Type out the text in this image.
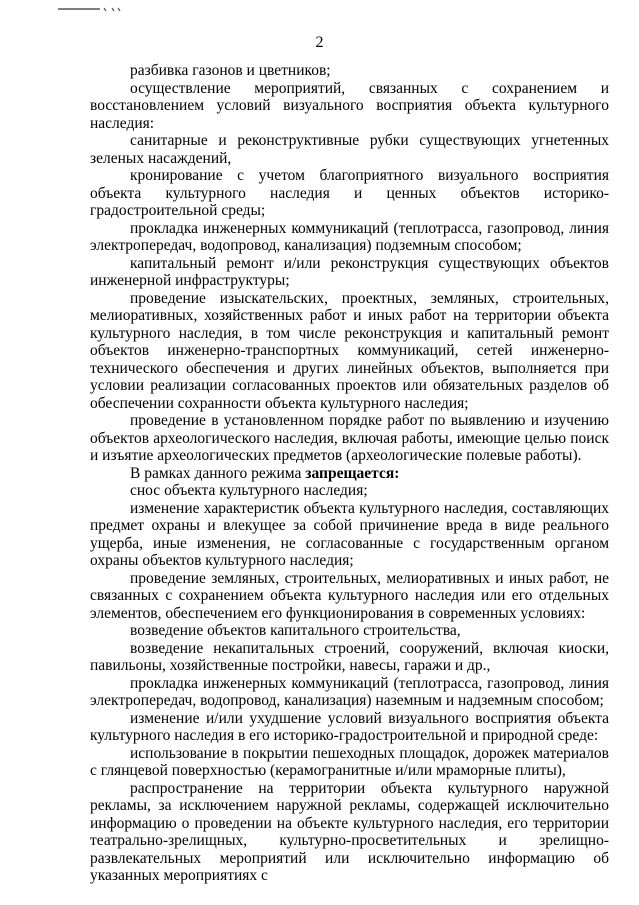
2

разбивка газонов и цветников;

осуществление мероприятий, связанных с сохранением и восстановлением условий визуального восприятия объекта культурного наследия:

санитарные и реконструктивные рубки существующих угнетенных зеленых насаждений,

кронирование с учетом благоприятного визуального восприятия объекта культурного наследия и ценных объектов историко-градостроительной среды;

прокладка инженерных коммуникаций (теплотрасса, газопровод, линия электропередач, водопровод, канализация) подземным способом;

капитальный ремонт и/или реконструкция существующих объектов инженерной инфраструктуры;

проведение изыскательских, проектных, земляных, строительных, мелиоративных, хозяйственных работ и иных работ на территории объекта культурного наследия, в том числе реконструкция и капитальный ремонт объектов инженерно-транспортных коммуникаций, сетей инженерно-технического обеспечения и других линейных объектов, выполняется при условии реализации согласованных проектов или обязательных разделов об обеспечении сохранности объекта культурного наследия;

проведение в установленном порядке работ по выявлению и изучению объектов археологического наследия, включая работы, имеющие целью поиск и изъятие археологических предметов (археологические полевые работы).

В рамках данного режима запрещается:

снос объекта культурного наследия;

изменение характеристик объекта культурного наследия, составляющих предмет охраны и влекущее за собой причинение вреда в виде реального ущерба, иные изменения, не согласованные с государственным органом охраны объектов культурного наследия;

проведение земляных, строительных, мелиоративных и иных работ, не связанных с сохранением объекта культурного наследия или его отдельных элементов, обеспечением его функционирования в современных условиях:

возведение объектов капитального строительства,

возведение некапитальных строений, сооружений, включая киоски, павильоны, хозяйственные постройки, навесы, гаражи и др.,

прокладка инженерных коммуникаций (теплотрасса, газопровод, линия электропередач, водопровод, канализация) наземным и надземным способом;

изменение и/или ухудшение условий визуального восприятия объекта культурного наследия в его историко-градостроительной и природной среде:

использование в покрытии пешеходных площадок, дорожек материалов с глянцевой поверхностью (керамогранитные и/или мраморные плиты),

распространение на территории объекта культурного наружной рекламы, за исключением наружной рекламы, содержащей исключительно информацию о проведении на объекте культурного наследия, его территории театрально-зрелищных, культурно-просветительных и зрелищно-развлекательных мероприятий или исключительно информацию об указанных мероприятиях с
